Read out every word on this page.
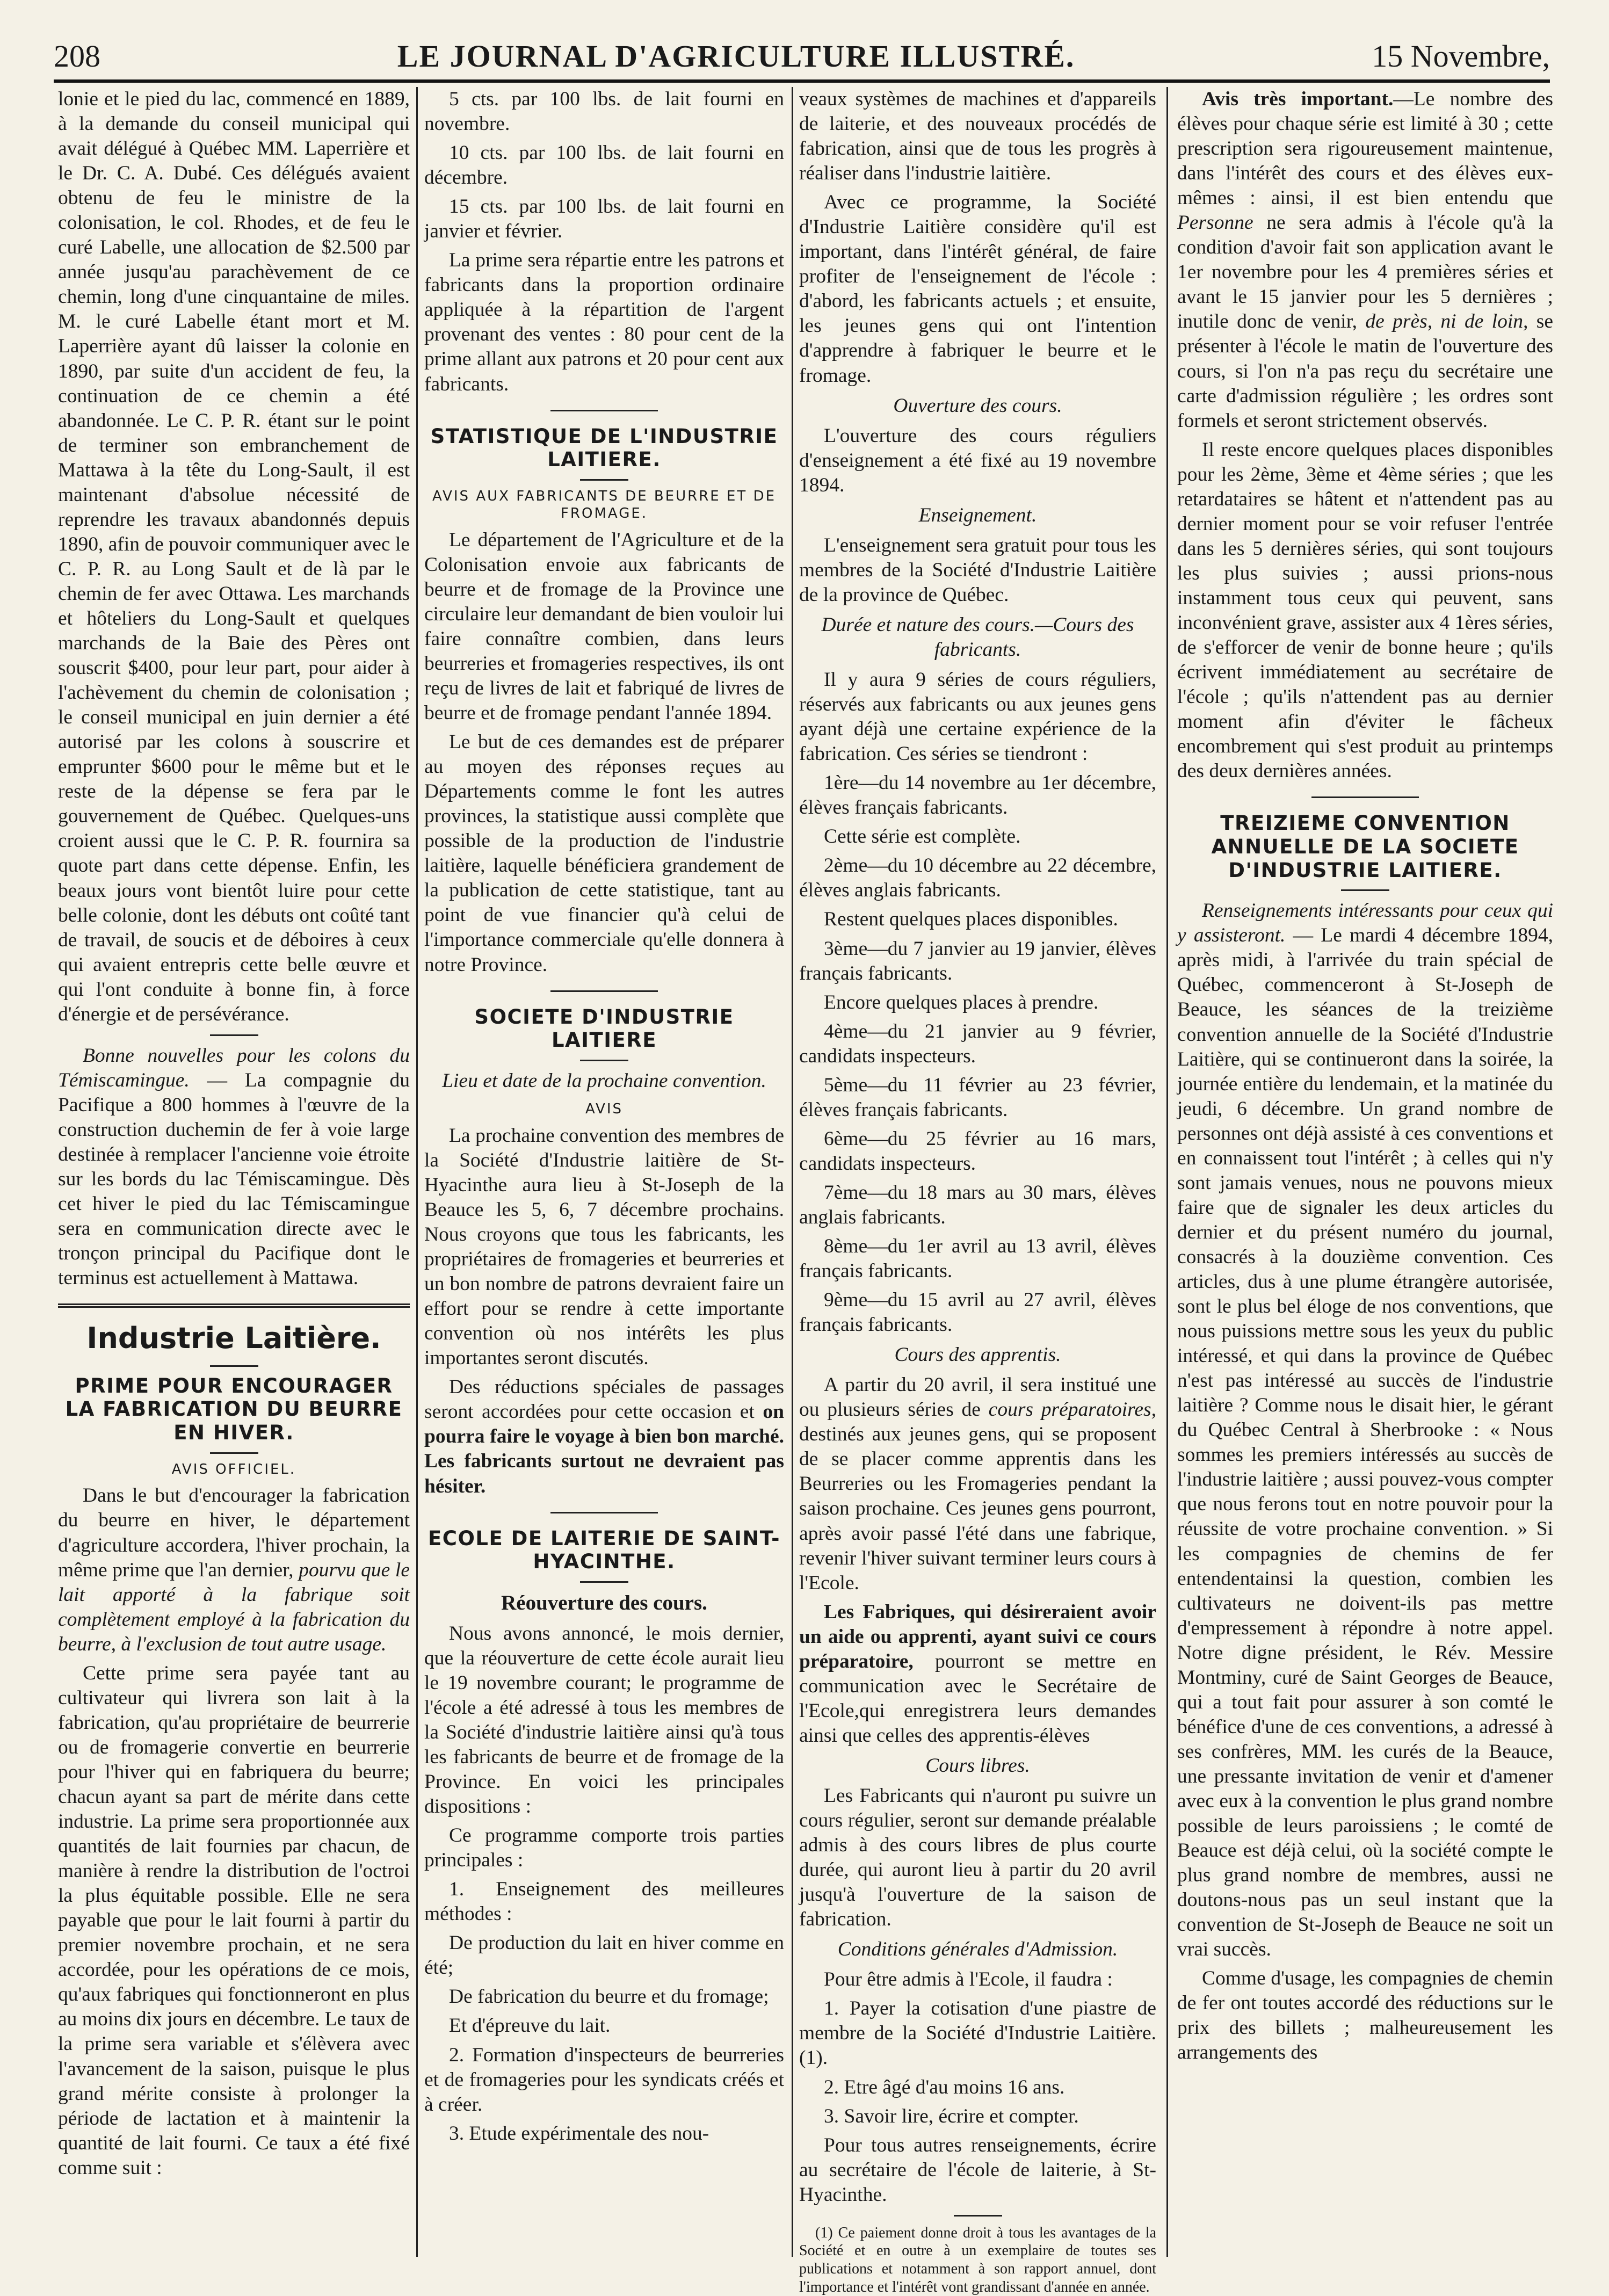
208	LE JOURNAL D'AGRICULTURE ILLUSTRÉ.	15 Novembre,

lonie et le pied du lac, commencé en 1889, à la demande du conseil municipal qui avait délégué à Québec MM. Laperrière et le Dr. C. A. Dubé. Ces délégués avaient obtenu de feu le ministre de la colonisation, le col. Rhodes, et de feu le curé Labelle, une allocation de $2.500 par année jusqu'au parachèvement de ce chemin, long d'une cinquantaine de miles. M. le curé Labelle étant mort et M. Laperrière ayant dû laisser la colonie en 1890, par suite d'un accident de feu, la continuation de ce chemin a été abandonnée. Le C. P. R. étant sur le point de terminer son embranchement de Mattawa à la tête du Long-Sault, il est maintenant d'absolue nécessité de reprendre les travaux abandonnés depuis 1890, afin de pouvoir communiquer avec le C. P. R. au Long Sault et de là par le chemin de fer avec Ottawa. Les marchands et hôteliers du Long-Sault et quelques marchands de la Baie des Pères ont souscrit $400, pour leur part, pour aider à l'achèvement du chemin de colonisation ; le conseil municipal en juin dernier a été autorisé par les colons à souscrire et emprunter $600 pour le même but et le reste de la dépense se fera par le gouvernement de Québec. Quelques-uns croient aussi que le C. P. R. fournira sa quote part dans cette dépense. Enfin, les beaux jours vont bientôt luire pour cette belle colonie, dont les débuts ont coûté tant de travail, de soucis et de déboires à ceux qui avaient entrepris cette belle œuvre et qui l'ont conduite à bonne fin, à force d'énergie et de persévérance.

Bonne nouvelles pour les colons du Témiscamingue. — La compagnie du Pacifique a 800 hommes à l'œuvre de la construction duchemin de fer à voie large destinée à remplacer l'ancienne voie étroite sur les bords du lac Témiscamingue. Dès cet hiver le pied du lac Témiscamingue sera en communication directe avec le tronçon principal du Pacifique dont le terminus est actuellement à Mattawa.

Industrie Laitière.
PRIME POUR ENCOURAGER LA FABRICATION DU BEURRE EN HIVER.
AVIS OFFICIEL.

Dans le but d'encourager la fabrication du beurre en hiver, le département d'agriculture accordera, l'hiver prochain, la même prime que l'an dernier, pourvu que le lait apporté à la fabrique soit complètement employé à la fabrication du beurre, à l'exclusion de tout autre usage.

Cette prime sera payée tant au cultivateur qui livrera son lait à la fabrication, qu'au propriétaire de beurrerie ou de fromagerie convertie en beurrerie pour l'hiver qui en fabriquera du beurre; chacun ayant sa part de mérite dans cette industrie. La prime sera proportionnée aux quantités de lait fournies par chacun, de manière à rendre la distribution de l'octroi la plus équitable possible. Elle ne sera payable que pour le lait fourni à partir du premier novembre prochain, et ne sera accordée, pour les opérations de ce mois, qu'aux fabriques qui fonctionneront en plus au moins dix jours en décembre. Le taux de la prime sera variable et s'élèvera avec l'avancement de la saison, puisque le plus grand mérite consiste à prolonger la période de lactation et à maintenir la quantité de lait fourni. Ce taux a été fixé comme suit :

5 cts. par 100 lbs. de lait fourni en novembre.

10 cts. par 100 lbs. de lait fourni en décembre.

15 cts. par 100 lbs. de lait fourni en janvier et février.

La prime sera répartie entre les patrons et fabricants dans la proportion ordinaire appliquée à la répartition de l'argent provenant des ventes : 80 pour cent de la prime allant aux patrons et 20 pour cent aux fabricants.

STATISTIQUE DE L'INDUSTRIE LAITIERE.
AVIS AUX FABRICANTS DE BEURRE ET DE FROMAGE.

Le département de l'Agriculture et de la Colonisation envoie aux fabricants de beurre et de fromage de la Province une circulaire leur demandant de bien vouloir lui faire connaître combien, dans leurs beurreries et fromageries respectives, ils ont reçu de livres de lait et fabriqué de livres de beurre et de fromage pendant l'année 1894.

Le but de ces demandes est de préparer au moyen des réponses reçues au Départements comme le font les autres provinces, la statistique aussi complète que possible de la production de l'industrie laitière, laquelle bénéficiera grandement de la publication de cette statistique, tant au point de vue financier qu'à celui de l'importance commerciale qu'elle donnera à notre Province.

SOCIETE D'INDUSTRIE LAITIERE
Lieu et date de la prochaine convention.
AVIS

La prochaine convention des membres de la Société d'Industrie laitière de St-Hyacinthe aura lieu à St-Joseph de la Beauce les 5, 6, 7 décembre prochains. Nous croyons que tous les fabricants, les propriétaires de fromageries et beurreries et un bon nombre de patrons devraient faire un effort pour se rendre à cette importante convention où nos intérêts les plus importantes seront discutés.

Des réductions spéciales de passages seront accordées pour cette occasion et on pourra faire le voyage à bien bon marché. Les fabricants surtout ne devraient pas hésiter.

ECOLE DE LAITERIE DE SAINT-HYACINTHE.
Réouverture des cours.

Nous avons annoncé, le mois dernier, que la réouverture de cette école aurait lieu le 19 novembre courant; le programme de l'école a été adressé à tous les membres de la Société d'industrie laitière ainsi qu'à tous les fabricants de beurre et de fromage de la Province. En voici les principales dispositions :

Ce programme comporte trois parties principales :

1. Enseignement des meilleures méthodes :

De production du lait en hiver comme en été;

De fabrication du beurre et du fromage;

Et d'épreuve du lait.

2. Formation d'inspecteurs de beurreries et de fromageries pour les syndicats créés et à créer.

3. Etude expérimentale des nou-

veaux systèmes de machines et d'appareils de laiterie, et des nouveaux procédés de fabrication, ainsi que de tous les progrès à réaliser dans l'industrie laitière.

Avec ce programme, la Société d'Industrie Laitière considère qu'il est important, dans l'intérêt général, de faire profiter de l'enseignement de l'école : d'abord, les fabricants actuels ; et ensuite, les jeunes gens qui ont l'intention d'apprendre à fabriquer le beurre et le fromage.

Ouverture des cours.

L'ouverture des cours réguliers d'enseignement a été fixé au 19 novembre 1894.

Enseignement.

L'enseignement sera gratuit pour tous les membres de la Société d'Industrie Laitière de la province de Québec.

Durée et nature des cours.—Cours des fabricants.

Il y aura 9 séries de cours réguliers, réservés aux fabricants ou aux jeunes gens ayant déjà une certaine expérience de la fabrication. Ces séries se tiendront :

1ère—du 14 novembre au 1er décembre, élèves français fabricants.

Cette série est complète.

2ème—du 10 décembre au 22 décembre, élèves anglais fabricants.

Restent quelques places disponibles.

3ème—du 7 janvier au 19 janvier, élèves français fabricants.

Encore quelques places à prendre.

4ème—du 21 janvier au 9 février, candidats inspecteurs.

5ème—du 11 février au 23 février, élèves français fabricants.

6ème—du 25 février au 16 mars, candidats inspecteurs.

7ème—du 18 mars au 30 mars, élèves anglais fabricants.

8ème—du 1er avril au 13 avril, élèves français fabricants.

9ème—du 15 avril au 27 avril, élèves français fabricants.

Cours des apprentis.

A partir du 20 avril, il sera institué une ou plusieurs séries de cours préparatoires, destinés aux jeunes gens, qui se proposent de se placer comme apprentis dans les Beurreries ou les Fromageries pendant la saison prochaine. Ces jeunes gens pourront, après avoir passé l'été dans une fabrique, revenir l'hiver suivant terminer leurs cours à l'Ecole.

Les Fabriques, qui désireraient avoir un aide ou apprenti, ayant suivi ce cours préparatoire, pourront se mettre en communication avec le Secrétaire de l'Ecole,qui enregistrera leurs demandes ainsi que celles des apprentis-élèves

Cours libres.

Les Fabricants qui n'auront pu suivre un cours régulier, seront sur demande préalable admis à des cours libres de plus courte durée, qui auront lieu à partir du 20 avril jusqu'à l'ouverture de la saison de fabrication.

Conditions générales d'Admission.

Pour être admis à l'Ecole, il faudra :

1. Payer la cotisation d'une piastre de membre de la Société d'Industrie Laitière. (1).

2. Etre âgé d'au moins 16 ans.

3. Savoir lire, écrire et compter.

Pour tous autres renseignements, écrire au secrétaire de l'école de laiterie, à St-Hyacinthe.

(1) Ce paiement donne droit à tous les avantages de la Société et en outre à un exemplaire de toutes ses publications et notamment à son rapport annuel, dont l'importance et l'intérêt vont grandissant d'année en année.

Avis très important.—Le nombre des élèves pour chaque série est limité à 30 ; cette prescription sera rigoureusement maintenue, dans l'intérêt des cours et des élèves eux-mêmes : ainsi, il est bien entendu que Personne ne sera admis à l'école qu'à la condition d'avoir fait son application avant le 1er novembre pour les 4 premières séries et avant le 15 janvier pour les 5 dernières ; inutile donc de venir, de près, ni de loin, se présenter à l'école le matin de l'ouverture des cours, si l'on n'a pas reçu du secrétaire une carte d'admission régulière ; les ordres sont formels et seront strictement observés.

Il reste encore quelques places disponibles pour les 2ème, 3ème et 4ème séries ; que les retardataires se hâtent et n'attendent pas au dernier moment pour se voir refuser l'entrée dans les 5 dernières séries, qui sont toujours les plus suivies ; aussi prions-nous instamment tous ceux qui peuvent, sans inconvénient grave, assister aux 4 1ères séries, de s'efforcer de venir de bonne heure ; qu'ils écrivent immédiatement au secrétaire de l'école ; qu'ils n'attendent pas au dernier moment afin d'éviter le fâcheux encombrement qui s'est produit au printemps des deux dernières années.

TREIZIEME CONVENTION ANNUELLE DE LA SOCIETE D'INDUSTRIE LAITIERE.

Renseignements intéressants pour ceux qui y assisteront. — Le mardi 4 décembre 1894, après midi, à l'arrivée du train spécial de Québec, commenceront à St-Joseph de Beauce, les séances de la treizième convention annuelle de la Société d'Industrie Laitière, qui se continueront dans la soirée, la journée entière du lendemain, et la matinée du jeudi, 6 décembre. Un grand nombre de personnes ont déjà assisté à ces conventions et en connaissent tout l'intérêt ; à celles qui n'y sont jamais venues, nous ne pouvons mieux faire que de signaler les deux articles du dernier et du présent numéro du journal, consacrés à la douzième convention. Ces articles, dus à une plume étrangère autorisée, sont le plus bel éloge de nos conventions, que nous puissions mettre sous les yeux du public intéressé, et qui dans la province de Québec n'est pas intéressé au succès de l'industrie laitière ? Comme nous le disait hier, le gérant du Québec Central à Sherbrooke : « Nous sommes les premiers intéressés au succès de l'industrie laitière ; aussi pouvez-vous compter que nous ferons tout en notre pouvoir pour la réussite de votre prochaine convention. » Si les compagnies de chemins de fer entendentainsi la question, combien les cultivateurs ne doivent-ils pas mettre d'empressement à répondre à notre appel. Notre digne président, le Rév. Messire Montminy, curé de Saint Georges de Beauce, qui a tout fait pour assurer à son comté le bénéfice d'une de ces conventions, a adressé à ses confrères, MM. les curés de la Beauce, une pressante invitation de venir et d'amener avec eux à la convention le plus grand nombre possible de leurs paroissiens ; le comté de Beauce est déjà celui, où la société compte le plus grand nombre de membres, aussi ne doutons-nous pas un seul instant que la convention de St-Joseph de Beauce ne soit un vrai succès.

Comme d'usage, les compagnies de chemin de fer ont toutes accordé des réductions sur le prix des billets ; malheureusement les arrangements des
